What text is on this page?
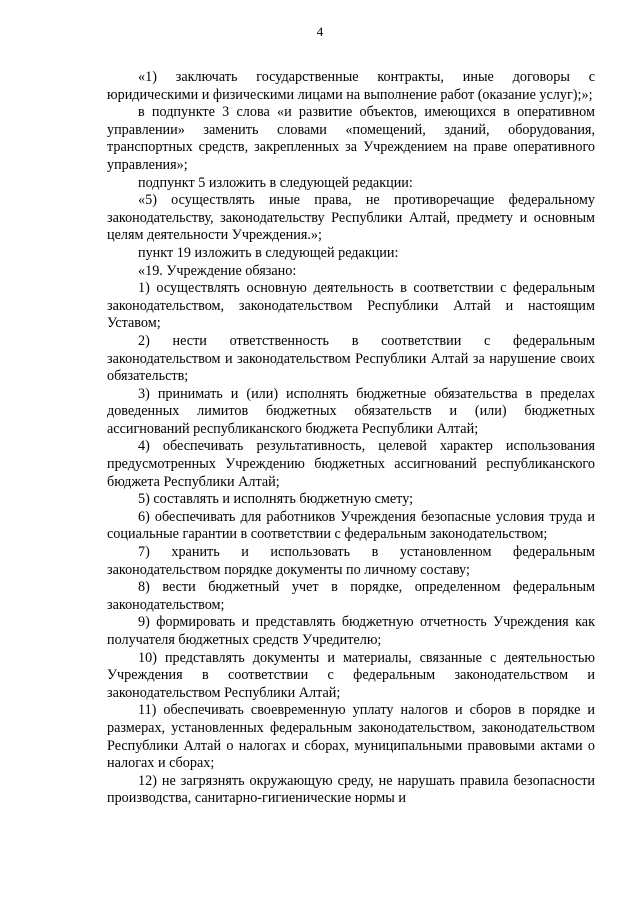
4

«1) заключать государственные контракты, иные договоры с юридическими и физическими лицами на выполнение работ (оказание услуг);»;

в подпункте 3 слова «и развитие объектов, имеющихся в оперативном управлении» заменить словами «помещений, зданий, оборудования, транспортных средств, закрепленных за Учреждением на праве оперативного управления»;

подпункт 5 изложить в следующей редакции:

«5) осуществлять иные права, не противоречащие федеральному законодательству, законодательству Республики Алтай, предмету и основным целям деятельности Учреждения.»;

пункт 19 изложить в следующей редакции:

«19. Учреждение обязано:

1) осуществлять основную деятельность в соответствии с федеральным законодательством, законодательством Республики Алтай и настоящим Уставом;

2) нести ответственность в соответствии с федеральным законодательством и законодательством Республики Алтай за нарушение своих обязательств;

3) принимать и (или) исполнять бюджетные обязательства в пределах доведенных лимитов бюджетных обязательств и (или) бюджетных ассигнований республиканского бюджета Республики Алтай;

4) обеспечивать результативность, целевой характер использования предусмотренных Учреждению бюджетных ассигнований республиканского бюджета Республики Алтай;

5) составлять и исполнять бюджетную смету;

6) обеспечивать для работников Учреждения безопасные условия труда и социальные гарантии в соответствии с федеральным законодательством;

7) хранить и использовать в установленном федеральным законодательством порядке документы по личному составу;

8) вести бюджетный учет в порядке, определенном федеральным законодательством;

9) формировать и представлять бюджетную отчетность Учреждения как получателя бюджетных средств Учредителю;

10) представлять документы и материалы, связанные с деятельностью Учреждения в соответствии с федеральным законодательством и законодательством Республики Алтай;

11) обеспечивать своевременную уплату налогов и сборов в порядке и размерах, установленных федеральным законодательством, законодательством Республики Алтай о налогах и сборах, муниципальными правовыми актами о налогах и сборах;

12) не загрязнять окружающую среду, не нарушать правила безопасности производства, санитарно-гигиенические нормы и
